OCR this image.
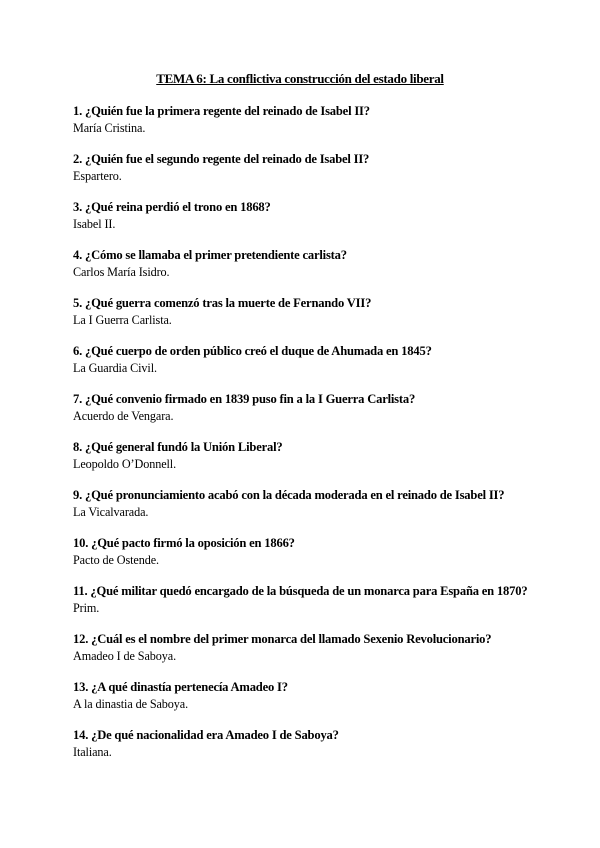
TEMA 6: La conflictiva construcción del estado liberal
1. ¿Quién fue la primera regente del reinado de Isabel II?
María Cristina.
2. ¿Quién fue el segundo regente del reinado de Isabel II?
Espartero.
3. ¿Qué reina perdió el trono en 1868?
Isabel II.
4. ¿Cómo se llamaba el primer pretendiente carlista?
Carlos María Isidro.
5. ¿Qué guerra comenzó tras la muerte de Fernando VII?
La I Guerra Carlista.
6. ¿Qué cuerpo de orden público creó el duque de Ahumada en 1845?
La Guardia Civil.
7. ¿Qué convenio firmado en 1839 puso fin a la I Guerra Carlista?
Acuerdo de Vengara.
8. ¿Qué general fundó la Unión Liberal?
Leopoldo O’Donnell.
9. ¿Qué pronunciamiento acabó con la década moderada en el reinado de Isabel II?
La Vicalvarada.
10. ¿Qué pacto firmó la oposición en 1866?
Pacto de Ostende.
11. ¿Qué militar quedó encargado de la búsqueda de un monarca para España en 1870?
Prim.
12. ¿Cuál es el nombre del primer monarca del llamado Sexenio Revolucionario?
Amadeo I de Saboya.
13. ¿A qué dinastía pertenecía Amadeo I?
A la dinastia de Saboya.
14. ¿De qué nacionalidad era Amadeo I de Saboya?
Italiana.
